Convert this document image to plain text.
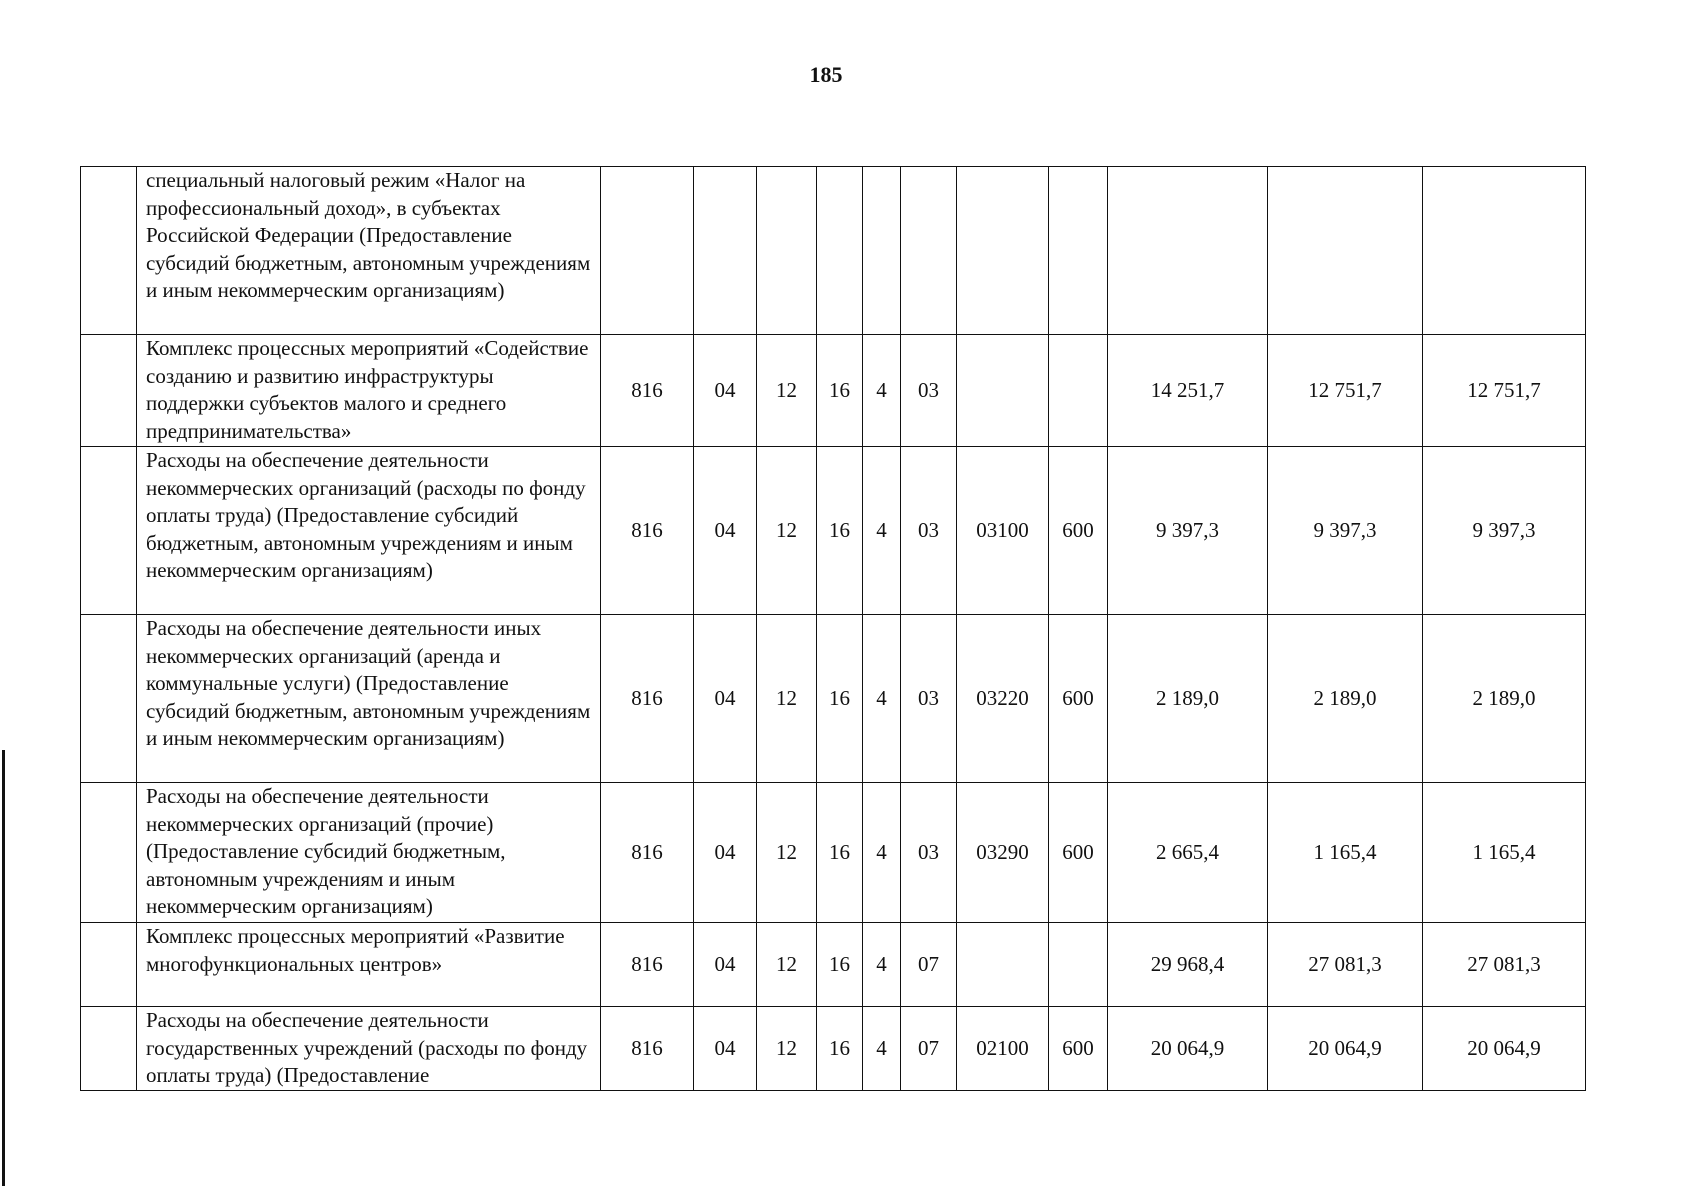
185
	специальный налоговый режим «Налог на профессиональный доход», в субъектах Российской Федерации (Предоставление субсидий бюджетным, автономным учреждениям и иным некоммерческим организациям)											
	Комплекс процессных мероприятий «Содействие созданию и развитию инфраструктуры поддержки субъектов малого и среднего предпринимательства»	816	04	12	16	4	03			14 251,7	12 751,7	12 751,7
	Расходы на обеспечение деятельности некоммерческих организаций (расходы по фонду оплаты труда) (Предоставление субсидий бюджетным, автономным учреждениям и иным некоммерческим организациям)	816	04	12	16	4	03	03100	600	9 397,3	9 397,3	9 397,3
	Расходы на обеспечение деятельности иных некоммерческих организаций (аренда и коммунальные услуги) (Предоставление субсидий бюджетным, автономным учреждениям и иным некоммерческим организациям)	816	04	12	16	4	03	03220	600	2 189,0	2 189,0	2 189,0
	Расходы на обеспечение деятельности некоммерческих организаций (прочие) (Предоставление субсидий бюджетным, автономным учреждениям и иным некоммерческим организациям)	816	04	12	16	4	03	03290	600	2 665,4	1 165,4	1 165,4
	Комплекс процессных мероприятий «Развитие многофункциональных центров»	816	04	12	16	4	07			29 968,4	27 081,3	27 081,3
	Расходы на обеспечение деятельности государственных учреждений (расходы по фонду оплаты труда) (Предоставление	816	04	12	16	4	07	02100	600	20 064,9	20 064,9	20 064,9
